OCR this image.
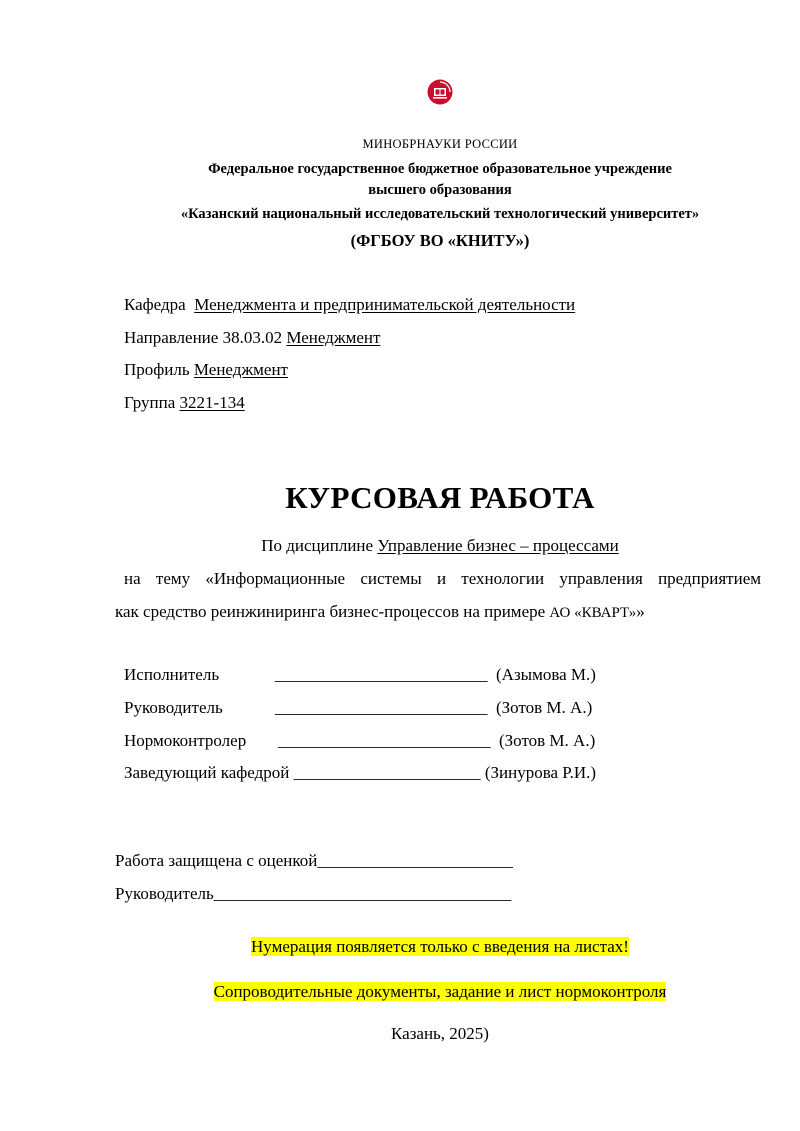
МИНОБРНАУКИ РОССИИ
Федеральное государственное бюджетное образовательное учреждение
высшего образования
«Казанский национальный исследовательский технологический университет»
(ФГБОУ ВО «КНИТУ»)
Кафедра Менеджмента и предпринимательской деятельности
Направление 38.03.02 Менеджмент
Профиль Менеджмент
Группа 3221-134
КУРСОВАЯ РАБОТА
По дисциплине Управление бизнес – процессами
на тему «Информационные системы и технологии управления предприятием
как средство реинжиниринга бизнес-процессов на примере АО «КВАРТ»»
Исполнитель	_________________________ (Азымова М.)
Руководитель	_________________________ (Зотов М. А.)
Нормоконтролер _________________________ (Зотов М. А.)
Заведующий кафедрой ______________________ (Зинурова Р.И.)
Работа защищена с оценкой_______________________
Руководитель___________________________________
Нумерация появляется только с введения на листах!
Сопроводительные документы, задание и лист нормоконтроля
Казань, 2025)
